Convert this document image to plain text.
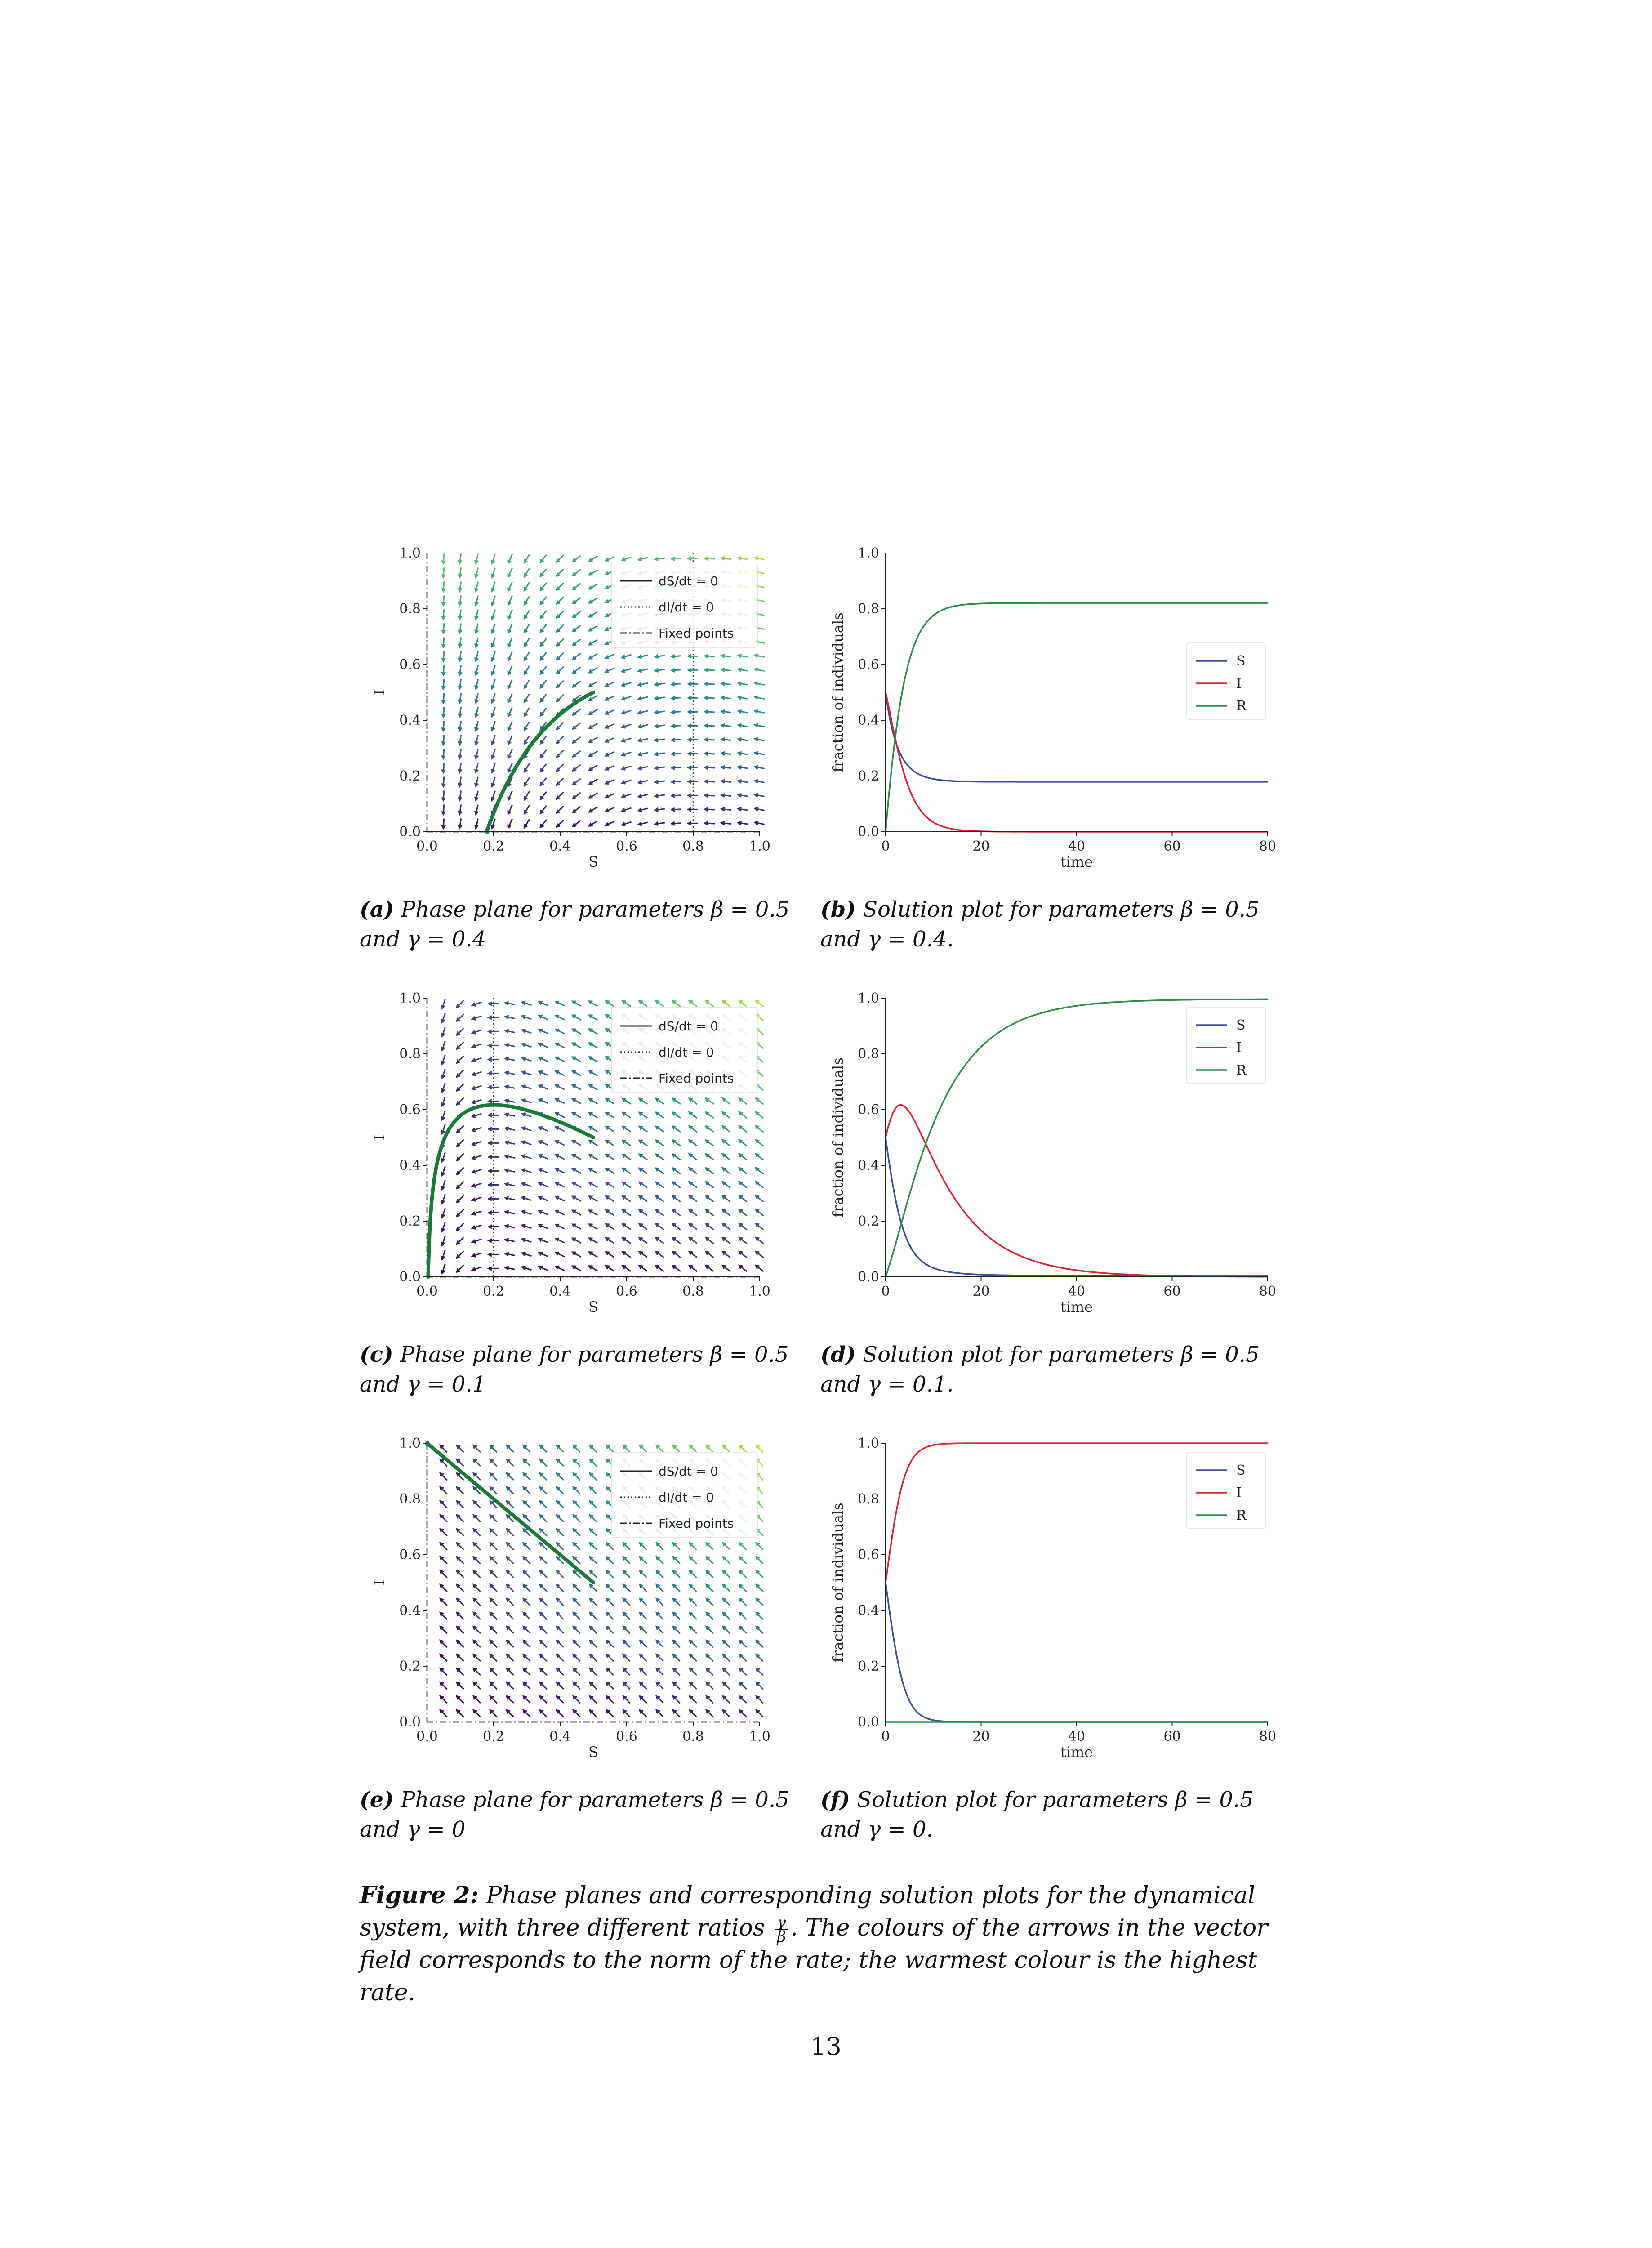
0.0	0.2	0.4	0.6	0.8	1.0
0.0
0.2
0.4
0.6
0.8
1.0
S
I
dS/dt = 0
dI/dt = 0
Fixed points
0	20	40	60	80
0.0
0.2
0.4
0.6
0.8
1.0
time
fraction of individuals	S
I
R
(a) Phase plane for parameters β = 0.5 and γ = 0.4
(b) Solution plot for parameters β = 0.5 and γ = 0.4.
0.0	0.2	0.4	0.6	0.8	1.0
0.0
0.2
0.4
0.6
0.8
1.0
S
I
dS/dt = 0
dI/dt = 0
Fixed points
0	20	40	60	80
0.0
0.2
0.4
0.6
0.8
1.0
time
fraction of individuals
S
I
R
(c) Phase plane for parameters β = 0.5 and γ = 0.1
(d) Solution plot for parameters β = 0.5 and γ = 0.1.
0.0	0.2	0.4	0.6	0.8	1.0
0.0
0.2
0.4
0.6
0.8
1.0
S
I
dS/dt = 0
dI/dt = 0
Fixed points
0	20	40	60	80
0.0
0.2
0.4
0.6
0.8
1.0
time
fraction of individuals
S
I
R
(e) Phase plane for parameters β = 0.5 and γ = 0
(f) Solution plot for parameters β = 0.5 and γ = 0.
Figure 2: Phase planes and corresponding solution plots for the dynamical system, with three different ratios $\frac{\gamma}{\beta}$ . The colours of the arrows in the vector field corresponds to the norm of the rate; the warmest colour is the highest rate.
13
